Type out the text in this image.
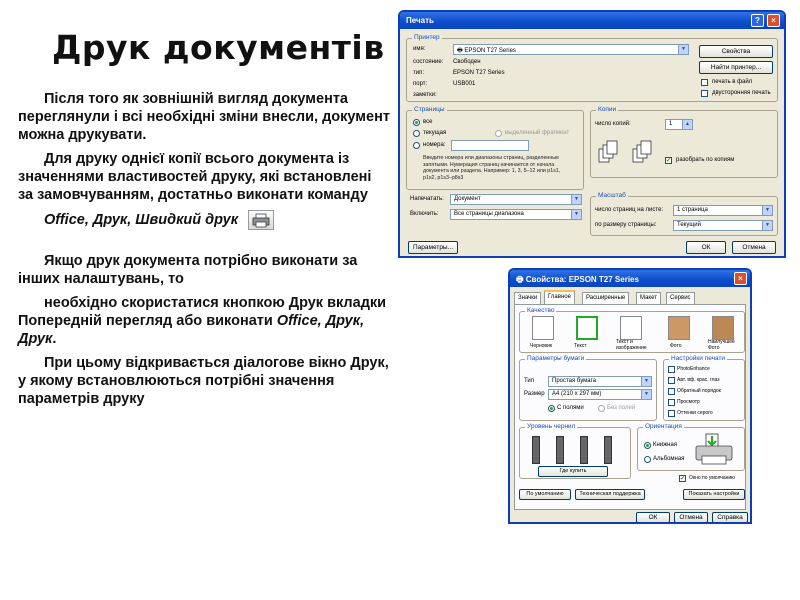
Друк документів

Після того як зовнішній вигляд документа переглянули і всі необхідні зміни внесли, документ можна друкувати.

Для друку однієї копії всього документа із значеннями властивостей друку, які встановлені за замовчуванням, достатньо виконати команду

Office, Друк, Швидкий друк

Якщо друк документа потрібно виконати за інших налаштувань, то

необхідно скористатися кнопкою Друк вкладки Попередній перегляд або виконати Office, Друк, Друк.

При цьому відкривається діалогове вікно Друк, у якому встановлюються потрібні значення параметрів друку

Печать	?	×
Принтер
имя:	🖶 EPSON T27 Series	▼
состояние: Свободен
тип:	EPSON T27 Series
порт:	USB001
заметки:
Свойства
Найти принтер...
печать в файл
двусторонняя печать
Страницы
все
текущая	выделенный фрагмент
номера:
Введите номера или диапазоны страниц, разделенные запятыми. Нумерация страниц начинается от начала документа или раздела. Например: 1, 3, 5–12 или p1s1, p1s2, p1s3–p8s3
Копии
число копий:	1	▲
✔ разобрать по копиям
Напечатать:	Документ	▼
Включить:	Все страницы диапазона	▼
Масштаб
число страниц на листе:	1 страница	▼
по размеру страницы:	Текущий	▼
Параметры...	ОК	Отмена
🖶 Свойства: EPSON T27 Series	×
Значки	Главное	Расширенные	Макет	Сервис
Качество
Черновик	Текст
Текст и изображение	Фото
Наилучшее Фото
Параметры бумаги
Тип	Простая бумага	▼
Размер	A4 (210 x 297 мм)	▼
С полями	Без полей
Настройки печати
PhotoEnhance
Авт. вф. крас. глаз
Обратный порядок
Просмотр
Оттенки серого
Уровень чернил
Где купить
Ориентация
Книжная
Альбомная
✔ Окно по умолчанию
По умолчанию	Техническая поддержка	Показать настройки
ОК	Отмена	Справка
